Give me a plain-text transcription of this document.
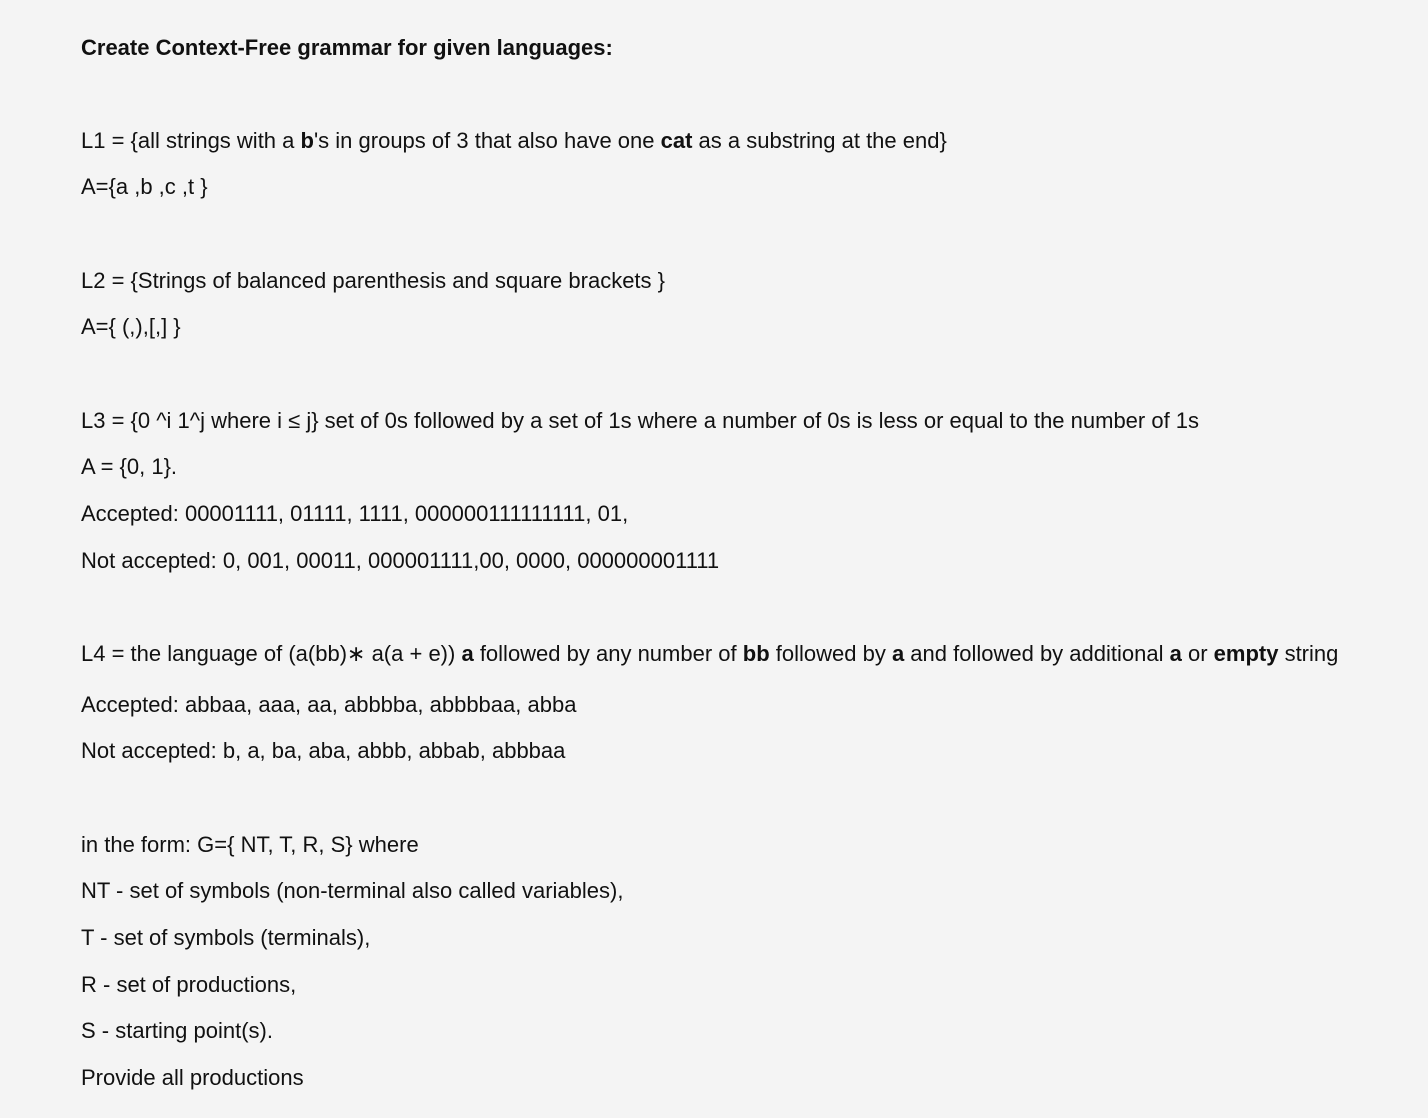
Create Context-Free grammar for given languages:

L1 = {all strings with a b's in groups of 3 that also have one cat as a substring at the end}

A={a ,b ,c ,t }

L2 = {Strings of balanced parenthesis and square brackets }

A={ (,),[,] }

L3 = {0 ^i 1^j where i ≤ j} set of 0s followed by a set of 1s where a number of 0s is less or equal to the number of 1s

A = {0, 1}.

Accepted: 00001111, 01111, 1111, 000000111111111, 01,

Not accepted: 0, 001, 00011, 000001111,00, 0000, 000000001111

L4 = the language of (a(bb)∗ a(a + e)) a followed by any number of bb followed by a and followed by additional a or empty string

Accepted: abbaa, aaa, aa, abbbba, abbbbaa, abba

Not accepted: b, a, ba, aba, abbb, abbab, abbbaa

in the form: G={ NT, T, R, S} where

NT - set of symbols (non-terminal also called variables),

T - set of symbols (terminals),

R - set of productions,

S - starting point(s).

Provide all productions
